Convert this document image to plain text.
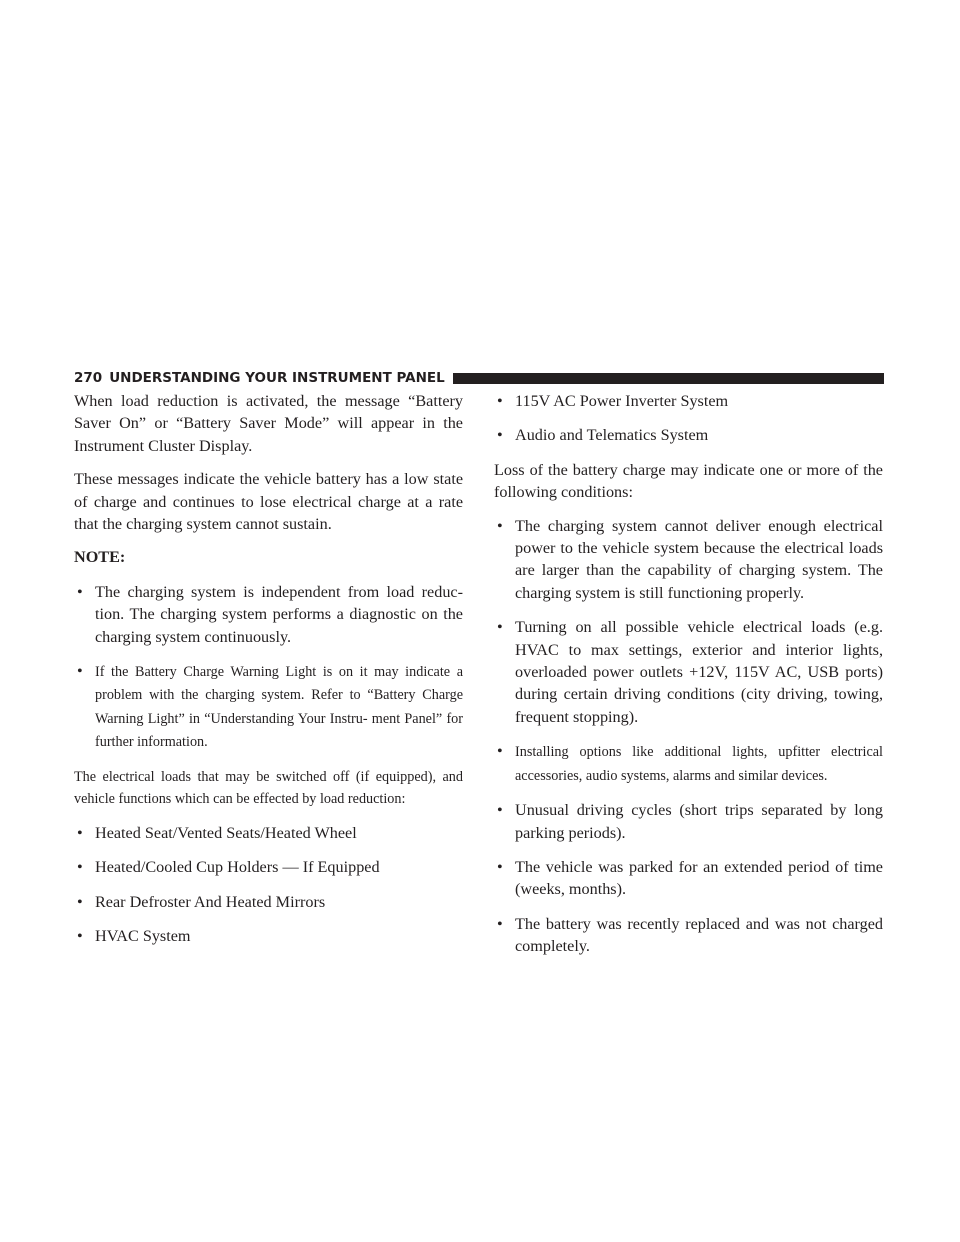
270 UNDERSTANDING YOUR INSTRUMENT PANEL

When load reduction is activated, the message “Battery Saver On” or “Battery Saver Mode” will appear in the Instrument Cluster Display.

These messages indicate the vehicle battery has a low state of charge and continues to lose electrical charge at a rate that the charging system cannot sustain.

NOTE:

• The charging system is independent from load reduc- tion. The charging system performs a diagnostic on the charging system continuously.
• If the Battery Charge Warning Light is on it may indicate a problem with the charging system. Refer to “Battery Charge Warning Light” in “Understanding Your Instru- ment Panel” for further information.

The electrical loads that may be switched off (if equipped), and vehicle functions which can be effected by load reduction:

• Heated Seat/Vented Seats/Heated Wheel
• Heated/Cooled Cup Holders — If Equipped
• Rear Defroster And Heated Mirrors
• HVAC System
• 115V AC Power Inverter System
• Audio and Telematics System

Loss of the battery charge may indicate one or more of the following conditions:

• The charging system cannot deliver enough electrical power to the vehicle system because the electrical loads are larger than the capability of charging system. The charging system is still functioning properly.
• Turning on all possible vehicle electrical loads (e.g. HVAC to max settings, exterior and interior lights, overloaded power outlets +12V, 115V AC, USB ports) during certain driving conditions (city driving, towing, frequent stopping).
• Installing options like additional lights, upfitter electrical accessories, audio systems, alarms and similar devices.
• Unusual driving cycles (short trips separated by long parking periods).
• The vehicle was parked for an extended period of time (weeks, months).
• The battery was recently replaced and was not charged completely.
